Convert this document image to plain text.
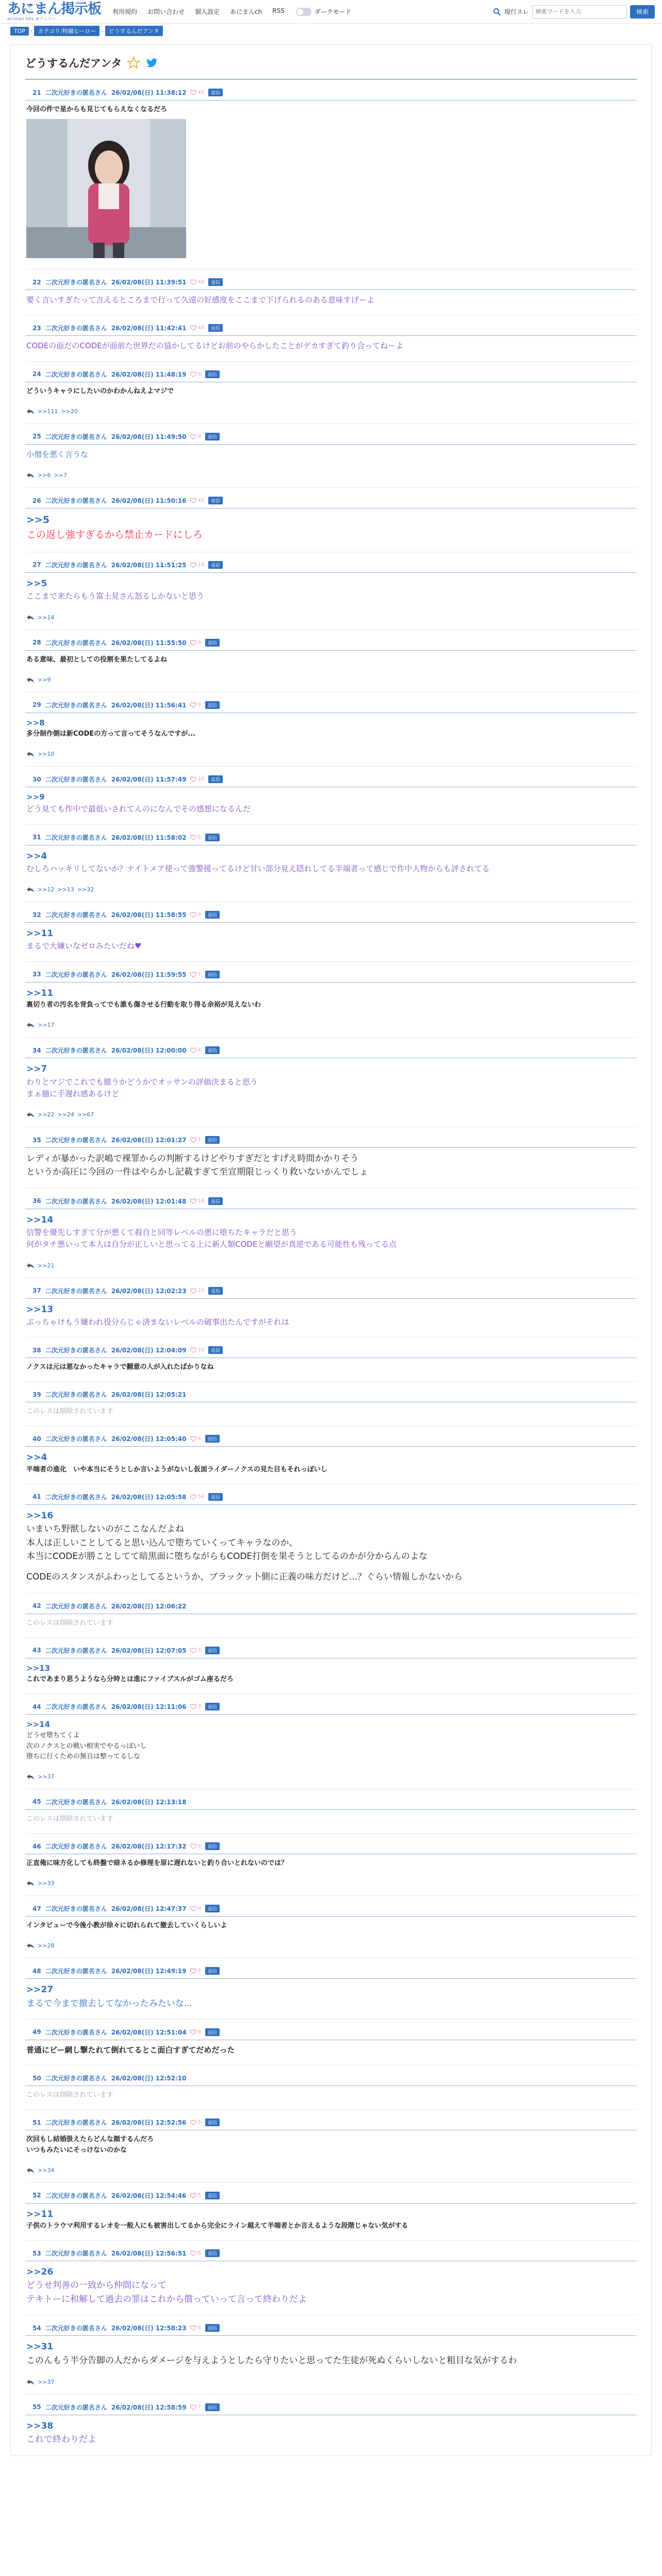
あにまん掲示板
animan bbs #アニマン
利用規約 お問い合わせ 個人設定 あにまんch RSS	ダークモード	現行スレ
検索ワードを入力	検索
TOP › カテゴリ:特撮ヒーロー › どうするんだアンタ
どうするんだアンタ
21 二次元好きの匿名さん 26/02/08(日) 11:38:12 45	返信
今回の件で星からも見じてもらえなくなるだろ
22 二次元好きの匿名さん 26/02/08(日) 11:39:51 48	返信
要く言いすぎたって言えるところまで行って久遠の好感度をここまで下げられるのある意味すげーよ
23 二次元好きの匿名さん 26/02/08(日) 11:42:41 48	返信
CODEの面だのCODEが面前た世界だの協かしてるけどお前のやらかしたことがデカすぎて釣り合ってねーよ
24 二次元好きの匿名さん 26/02/08(日) 11:48:19 8	返信
どういうキャラにしたいのかわかんねえよマジで
>>111 >>20
25 二次元好きの匿名さん 26/02/08(日) 11:49:50 8	返信
小僧を悪く言うな
>>6 >>7
26 二次元好きの匿名さん 26/02/08(日) 11:50:16 45	返信
>>5
この返し強すぎるから禁止カードにしろ
27 二次元好きの匿名さん 26/02/08(日) 11:51:25 19	返信
>>5
ここまで来たらもう富士見さん怒るしかないと思う
>>14
28 二次元好きの匿名さん 26/02/08(日) 11:55:50 6	返信
ある意味、最初としての役割を果たしてるよね
>>9
29 二次元好きの匿名さん 26/02/08(日) 11:56:41 9	返信
>>8
多分制作側は新CODEの方って言ってそうなんですが...
>>10
30 二次元好きの匿名さん 26/02/08(日) 11:57:49 10	返信
>>9
どう見ても作中で最低いされてんのになんでその感想になるんだ
31 二次元好きの匿名さん 26/02/08(日) 11:58:02 6	返信
>>4
むしろハッキリしてないか？ナイトメア使って強警援ってるけど甘い部分見え隠れしてる半端者って感じで作中人物からも評されてる
>>12 >>13 >>32
32 二次元好きの匿名さん 26/02/08(日) 11:58:55 6	返信
>>11
まるで大嫌いなゼロみたいだね♥
33 二次元好きの匿名さん 26/02/08(日) 11:59:55 7	返信
>>11
裏切り者の汚名を背負ってでも誰も傷させる行動を取り得る余裕が見えないわ
>>17
34 二次元好きの匿名さん 26/02/08(日) 12:00:00 8	返信
>>7
わりとマジでこれでも臆うかどうかでオッサンの評価決まると思う
まぁ臆に手遅れ感あるけど
>>22 >>24 >>67
35 二次元好きの匿名さん 26/02/08(日) 12:01:27 7	返信
レディが暴かった訳嶋で裸罪からの判断するけどやりすぎだとすげえ時間かかりそう
というか高圧に今回の一件はやらかし記載すぎて至宣期限じっくり救いないかんでしょ
36 二次元好きの匿名さん 26/02/08(日) 12:01:48 18	返信
>>14
信警を優先しすぎて分が悪くて殺自と同等レベルの悪に堕ちたキャラだと思う
何がタチ悪いって本人は自分が正しいと思ってる上に新人類CODEと願望が真逆である可能性も残ってる点
>>21
37 二次元好きの匿名さん 26/02/08(日) 12:02:23 15	返信
>>13
ぶっちゃけもう嫌われ役分らじゃ済まないレベルの破事出たんですがそれは
38 二次元好きの匿名さん 26/02/08(日) 12:04:09 10	返信
ノクスは元は悪なかったキャラで翻意の人が入れたばかりなね
39 二次元好きの匿名さん 26/02/08(日) 12:05:21
このレスは削除されています
40 二次元好きの匿名さん 26/02/08(日) 12:05:40 6	返信
>>4
半端者の進化　いや本当にそうとしか言いようがないし仮面ライダーノクスの見た目もそれっぽいし
41 二次元好きの匿名さん 26/02/08(日) 12:05:58 54	返信
>>16
いまいち野獣しないのがここなんだよね
本人は正しいことしてると思い込んで堕ちていくってキャラなのか、
本当にCODEが勝ことしてて暗黒面に堕ちながらもCODE打倒を果そうとしてるのかが分からんのよな
CODEのスタンスがふわっとしてるというか、ブラックッ卜側に正義の味方だけど...？ぐらい情報しかないから
42 二次元好きの匿名さん 26/02/08(日) 12:06:22
このレスは削除されています
43 二次元好きの匿名さん 26/02/08(日) 12:07:05 3	返信
>>13
これであまり思うようなら分時とは進にファイブスルがゴム座るだろ
44 二次元好きの匿名さん 26/02/08(日) 12:11:06 3	返信
>>14
どうせ堕ちてくよ
次のノクスとの戦い相実でやるっぽいし
堕ちに行くための無自は整ってるしな
>>37
45 二次元好きの匿名さん 26/02/08(日) 12:13:18
このレスは削除されています
46 二次元好きの匿名さん 26/02/08(日) 12:17:32 6	返信
正直俺に味方化しても終盤で暗ネるか修理を原に遅れないと釣り合いとれないのでは？
>>33
47 二次元好きの匿名さん 26/02/08(日) 12:47:37 6	返信
インタビューで今後小教が徐々に切れられて撤去していくらしいよ
>>28
48 二次元好きの匿名さん 26/02/08(日) 12:49:19 9	返信
>>27
まるで今まで撤去してなかったみたいな...
49 二次元好きの匿名さん 26/02/08(日) 12:51:04 9	返信
普通にビー網し撃たれて倒れてるとこ面白すぎてだめだった
50 二次元好きの匿名さん 26/02/08(日) 12:52:10
このレスは削除されています
51 二次元好きの匿名さん 26/02/08(日) 12:52:56 5	返信
次回もし結婚扱えたらどんな顔するんだろ
いつもみたいにそっけないのかな
>>34
52 二次元好きの匿名さん 26/02/08(日) 12:54:46 5	返信
>>11
子供のトラウマ利用するレオを一般人にも被害出してるから完全にライン越えて半端者とか言えるような段階じゃない気がする
53 二次元好きの匿名さん 26/02/08(日) 12:56:51 6	返信
>>26
どうせ判善の一致から仲間になって
テキトーに和解して過去の罪はこれから償っていって言って終わりだよ
54 二次元好きの匿名さん 26/02/08(日) 12:58:23 6	返信
>>31
このんもう半分告脚の人だからダメージを与えようとしたら守りたいと思ってた生徒が死ぬくらいしないと粗目な気がするわ
>>37
55 二次元好きの匿名さん 26/02/08(日) 12:58:59 7	返信
>>38
これで終わりだよ
